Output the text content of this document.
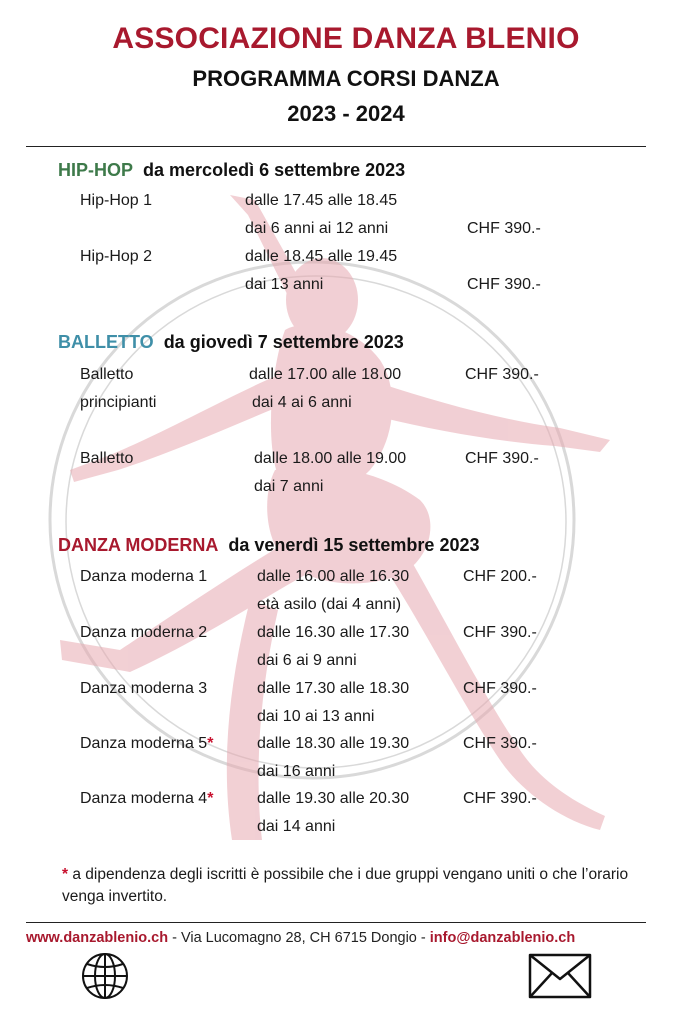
ASSOCIAZIONE DANZA BLENIO
PROGRAMMA CORSI DANZA
2023 - 2024
HIP-HOP da mercoledì 6 settembre 2023
Hip-Hop 1	dalle 17.45 alle 18.45
dai 6 anni ai 12 anni	CHF 390.-
Hip-Hop 2	dalle 18.45 alle 19.45
dai 13 anni	CHF 390.-
BALLETTO da giovedì 7 settembre 2023
Balletto	dalle 17.00 alle 18.00	CHF 390.-
principianti	dai 4 ai 6 anni
Balletto	dalle 18.00 alle 19.00	CHF 390.-
dai 7 anni
DANZA MODERNA da venerdì 15 settembre 2023
Danza moderna 1	dalle 16.00 alle 16.30	CHF 200.-
età asilo (dai 4 anni)
Danza moderna 2	dalle 16.30 alle 17.30	CHF 390.-
dai 6 ai 9 anni
Danza moderna 3	dalle 17.30 alle 18.30	CHF 390.-
dai 10 ai 13 anni
Danza moderna 5*	dalle 18.30 alle 19.30	CHF 390.-
dai 16 anni
Danza moderna 4*	dalle 19.30 alle 20.30	CHF 390.-
dai 14 anni
* a dipendenza degli iscritti è possibile che i due gruppi vengano uniti o che l’orario venga invertito.
www.danzablenio.ch - Via Lucomagno 28, CH 6715 Dongio - info@danzablenio.ch
